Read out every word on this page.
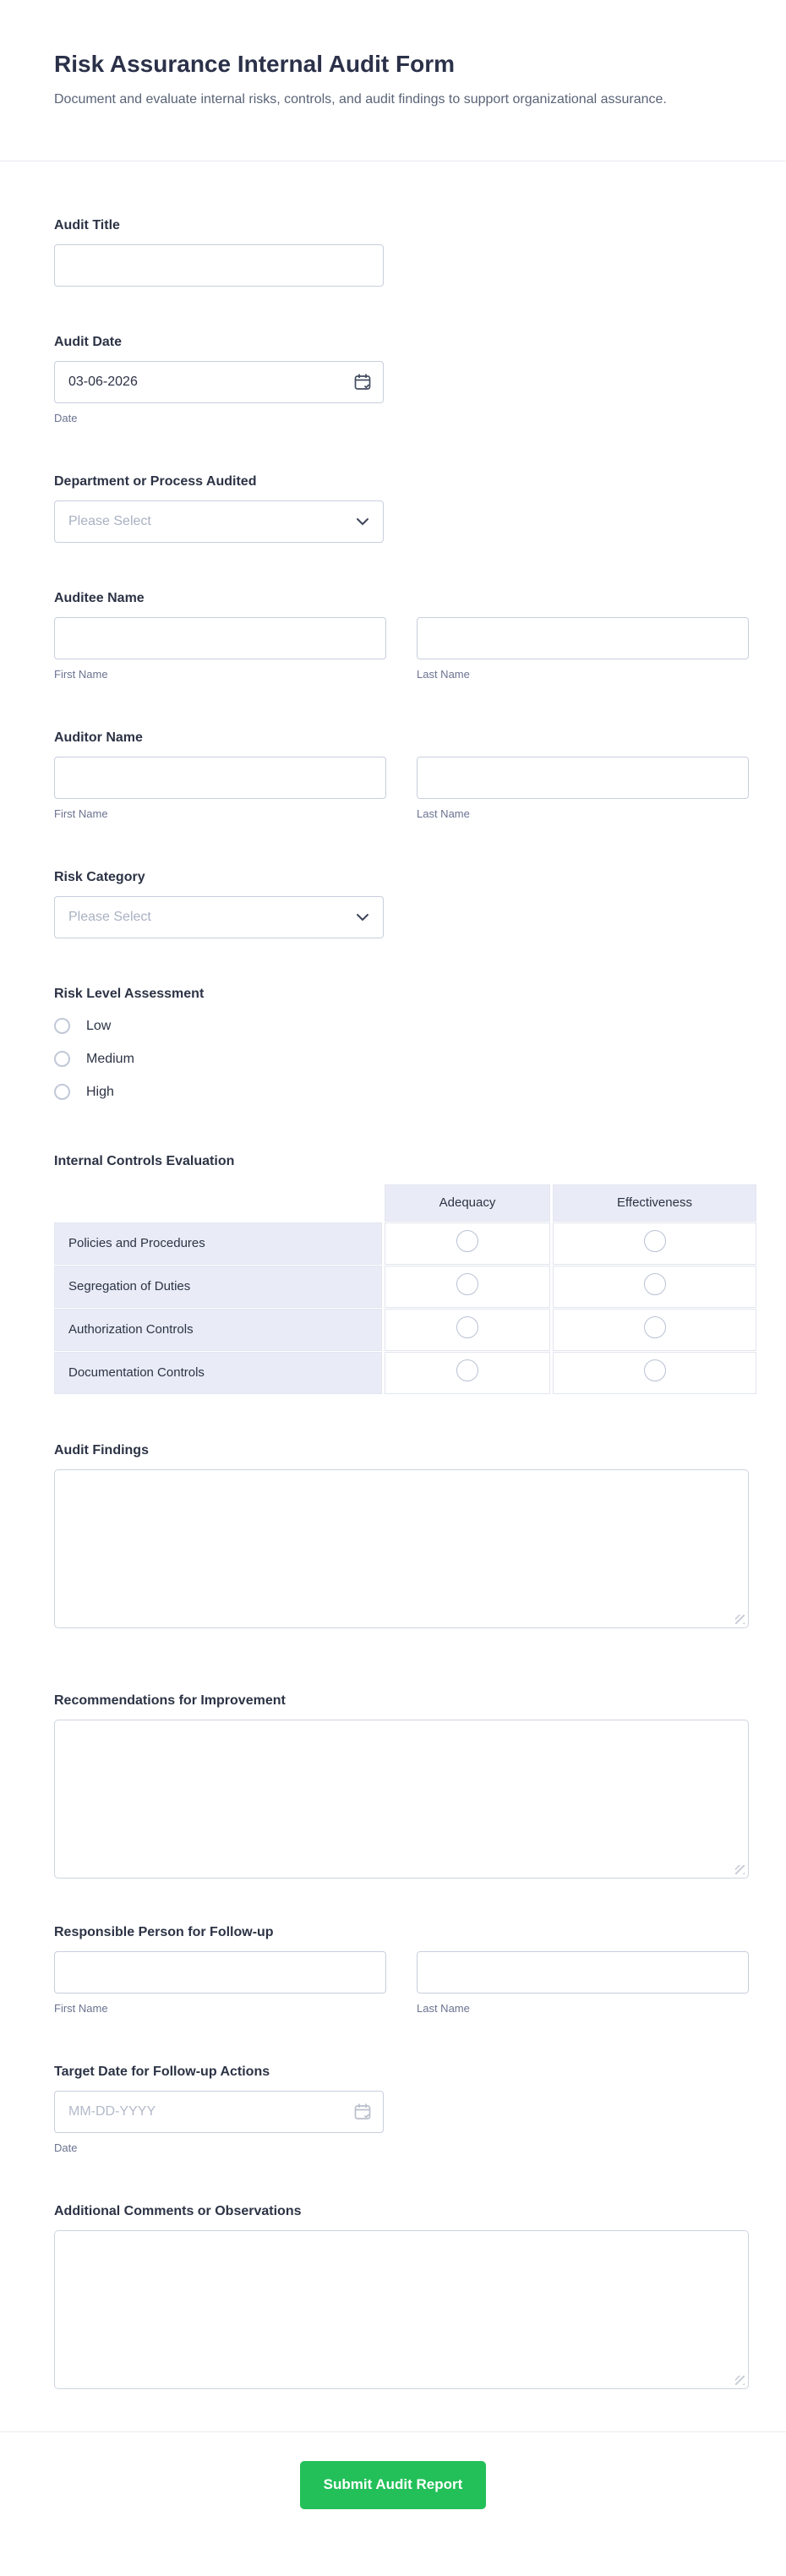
Risk Assurance Internal Audit Form
Document and evaluate internal risks, controls, and audit findings to support organizational assurance.
Audit Title
Audit Date
03-06-2026
Date
Department or Process Audited
Please Select
Auditee Name
First Name	Last Name
Auditor Name
First Name	Last Name
Risk Category
Please Select
Risk Level Assessment
Low
Medium
High
Internal Controls Evaluation
	Adequacy	Effectiveness
Policies and Procedures		
Segregation of Duties		
Authorization Controls		
Documentation Controls		
Audit Findings
Recommendations for Improvement
Responsible Person for Follow-up
First Name	Last Name
Target Date for Follow-up Actions
MM-DD-YYYY
Date
Additional Comments or Observations
Submit Audit Report
